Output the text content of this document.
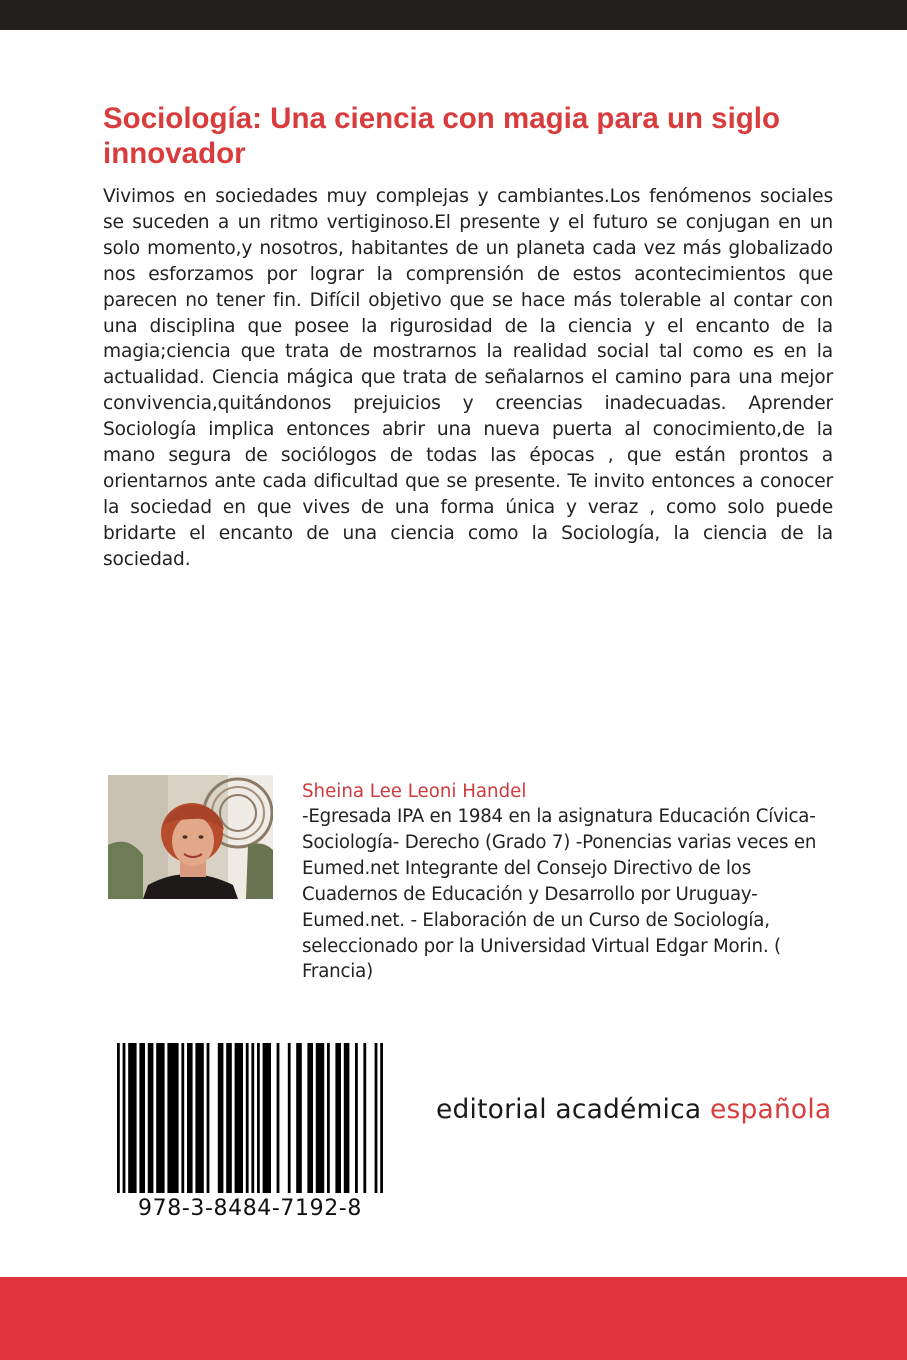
Sociología: Una ciencia con magia para un siglo innovador

Vivimos en sociedades muy complejas y cambiantes.Los fenómenos sociales se suceden a un ritmo vertiginoso.El presente y el futuro se conjugan en un solo momento,y nosotros, habitantes de un planeta cada vez más globalizado nos esforzamos por lograr la comprensión de estos acontecimientos que parecen no tener fin. Difícil objetivo que se hace más tolerable al contar con una disciplina que posee la rigurosidad de la ciencia y el encanto de la magia;ciencia que trata de mostrarnos la realidad social tal como es en la actualidad. Ciencia mágica que trata de señalarnos el camino para una mejor convivencia,quitándonos prejuicios y creencias inadecuadas. Aprender Sociología implica entonces abrir una nueva puerta al conocimiento,de la mano segura de sociólogos de todas las épocas , que están prontos a orientarnos ante cada dificultad que se presente. Te invito entonces a conocer la sociedad en que vives de una forma única y veraz , como solo puede bridarte el encanto de una ciencia como la Sociología, la ciencia de la sociedad.

Sheina Lee Leoni Handel
-Egresada IPA en 1984 en la asignatura Educación Cívica-Sociología- Derecho (Grado 7) -Ponencias varias veces en Eumed.net Integrante del Consejo Directivo de los Cuadernos de Educación y Desarrollo por Uruguay-Eumed.net. - Elaboración de un Curso de Sociología, seleccionado por la Universidad Virtual Edgar Morin. ( Francia)
978-3-8484-7192-8
editorial académica española
